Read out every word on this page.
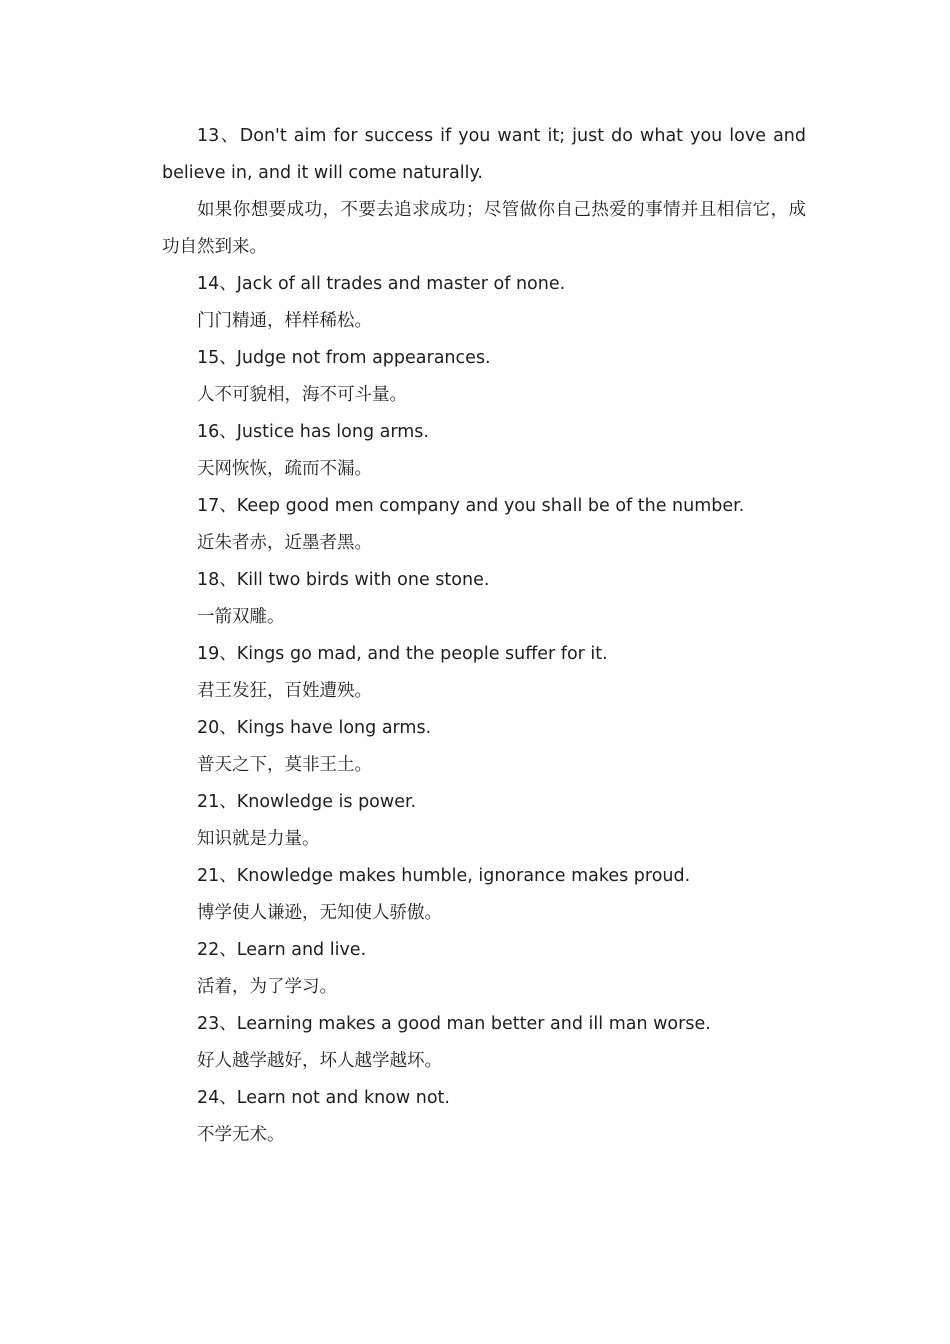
13、Don't aim for success if you want it; just do what you love and believe in, and it will come naturally.

如果你想要成功，不要去追求成功；尽管做你自己热爱的事情并且相信它，成功自然到来。

14、Jack of all trades and master of none.

门门精通，样样稀松。

15、Judge not from appearances.

人不可貌相，海不可斗量。

16、Justice has long arms.

天网恢恢，疏而不漏。

17、Keep good men company and you shall be of the number.

近朱者赤，近墨者黑。

18、Kill two birds with one stone.

一箭双雕。

19、Kings go mad, and the people suffer for it.

君王发狂，百姓遭殃。

20、Kings have long arms.

普天之下，莫非王土。

21、Knowledge is power.

知识就是力量。

21、Knowledge makes humble, ignorance makes proud.

博学使人谦逊，无知使人骄傲。

22、Learn and live.

活着，为了学习。

23、Learning makes a good man better and ill man worse.

好人越学越好，坏人越学越坏。

24、Learn not and know not.

不学无术。
